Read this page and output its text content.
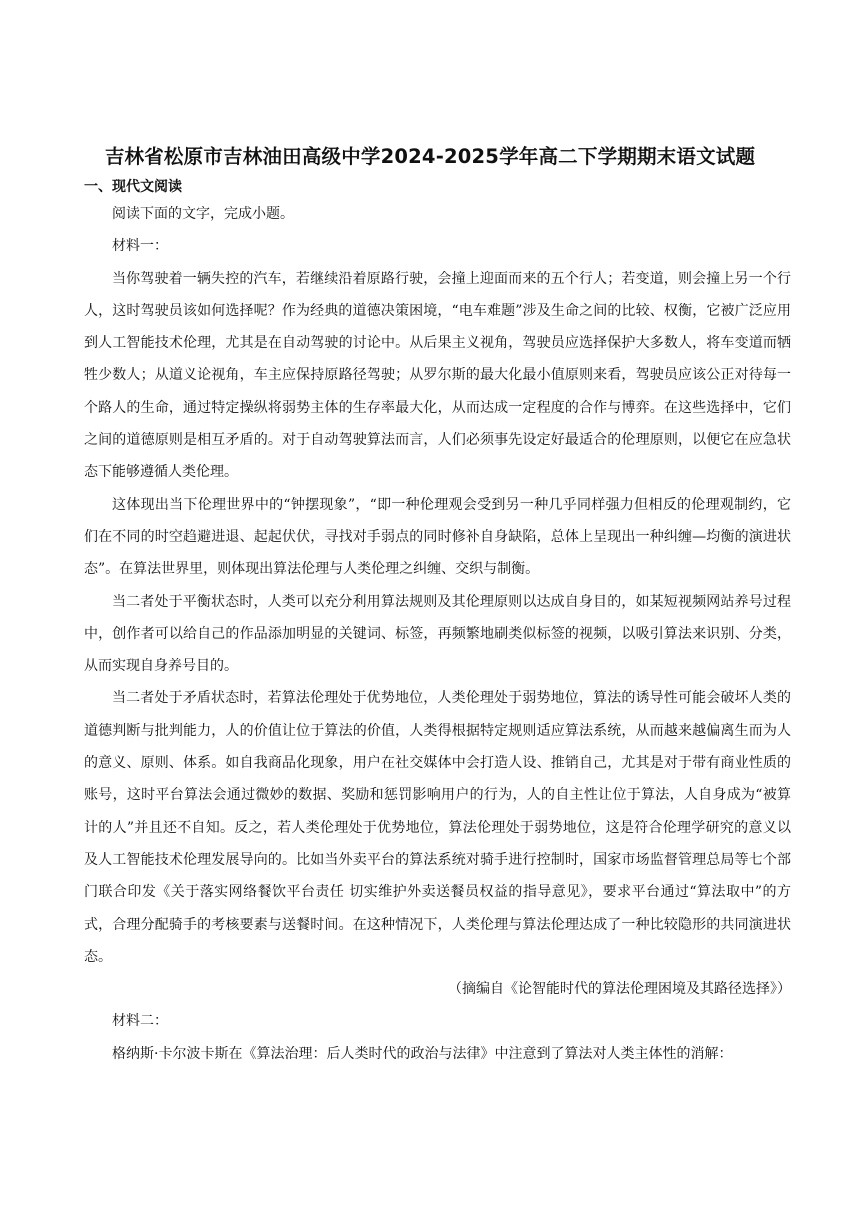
吉林省松原市吉林油田高级中学2024-2025学年高二下学期期末语文试题
一、现代文阅读

阅读下面的文字，完成小题。

材料一：

当你驾驶着一辆失控的汽车，若继续沿着原路行驶，会撞上迎面而来的五个行人；若变道，则会撞上另一个行人，这时驾驶员该如何选择呢？作为经典的道德决策困境，“电车难题”涉及生命之间的比较、权衡，它被广泛应用到人工智能技术伦理，尤其是在自动驾驶的讨论中。从后果主义视角，驾驶员应选择保护大多数人，将车变道而牺牲少数人；从道义论视角，车主应保持原路径驾驶；从罗尔斯的最大化最小值原则来看，驾驶员应该公正对待每一个路人的生命，通过特定操纵将弱势主体的生存率最大化，从而达成一定程度的合作与博弈。在这些选择中，它们之间的道德原则是相互矛盾的。对于自动驾驶算法而言，人们必须事先设定好最适合的伦理原则，以便它在应急状态下能够遵循人类伦理。

这体现出当下伦理世界中的“钟摆现象”，“即一种伦理观会受到另一种几乎同样强力但相反的伦理观制约，它们在不同的时空趋避进退、起起伏伏，寻找对手弱点的同时修补自身缺陷，总体上呈现出一种纠缠—均衡的演进状态”。在算法世界里，则体现出算法伦理与人类伦理之纠缠、交织与制衡。

当二者处于平衡状态时，人类可以充分利用算法规则及其伦理原则以达成自身目的，如某短视频网站养号过程中，创作者可以给自己的作品添加明显的关键词、标签，再频繁地刷类似标签的视频，以吸引算法来识别、分类，从而实现自身养号目的。

当二者处于矛盾状态时，若算法伦理处于优势地位，人类伦理处于弱势地位，算法的诱导性可能会破坏人类的道德判断与批判能力，人的价值让位于算法的价值，人类得根据特定规则适应算法系统，从而越来越偏离生而为人的意义、原则、体系。如自我商品化现象，用户在社交媒体中会打造人设、推销自己，尤其是对于带有商业性质的账号，这时平台算法会通过微妙的数据、奖励和惩罚影响用户的行为，人的自主性让位于算法，人自身成为“被算计的人”并且还不自知。反之，若人类伦理处于优势地位，算法伦理处于弱势地位，这是符合伦理学研究的意义以及人工智能技术伦理发展导向的。比如当外卖平台的算法系统对骑手进行控制时，国家市场监督管理总局等七个部门联合印发《关于落实网络餐饮平台责任 切实维护外卖送餐员权益的指导意见》，要求平台通过“算法取中”的方式，合理分配骑手的考核要素与送餐时间。在这种情况下，人类伦理与算法伦理达成了一种比较隐形的共同演进状态。

（摘编自《论智能时代的算法伦理困境及其路径选择》）

材料二：

格纳斯·卡尔波卡斯在《算法治理：后人类时代的政治与法律》中注意到了算法对人类主体性的消解：
